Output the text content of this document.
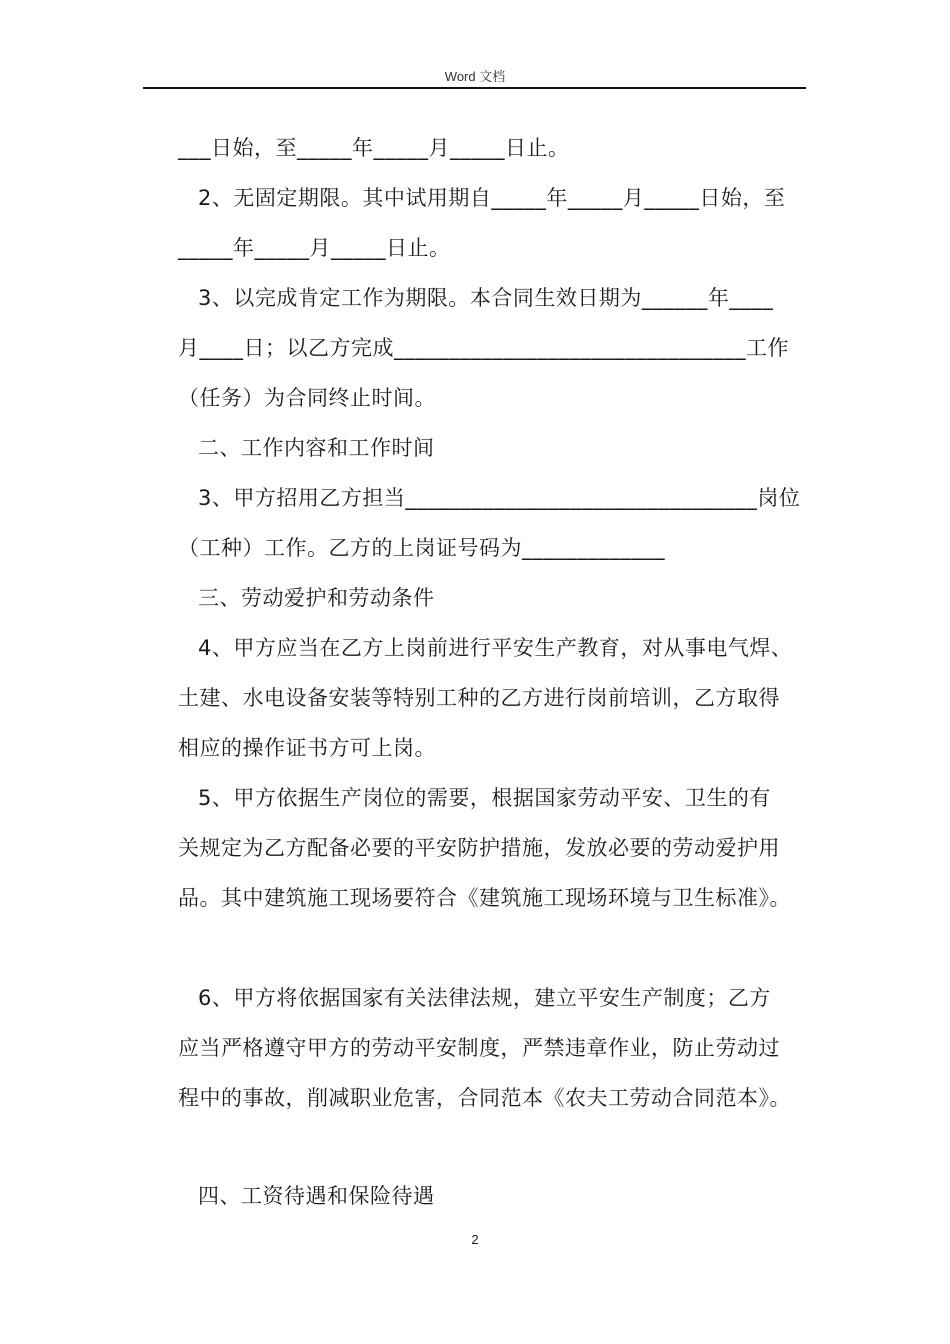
Word 文档
___日始，至_____年_____月_____日止。
2、无固定期限。其中试用期自_____年_____月_____日始，至
_____年_____月_____日止。
3、以完成肯定工作为期限。本合同生效日期为______年____
月____日；以乙方完成________________________________工作
（任务）为合同终止时间。
二、工作内容和工作时间
3、甲方招用乙方担当________________________________岗位
（工种）工作。乙方的上岗证号码为_____________
三、劳动爱护和劳动条件
4、甲方应当在乙方上岗前进行平安生产教育，对从事电气焊、
土建、水电设备安装等特别工种的乙方进行岗前培训，乙方取得
相应的操作证书方可上岗。
5、甲方依据生产岗位的需要，根据国家劳动平安、卫生的有
关规定为乙方配备必要的平安防护措施，发放必要的劳动爱护用
品。其中建筑施工现场要符合《建筑施工现场环境与卫生标准》。
6、甲方将依据国家有关法律法规，建立平安生产制度；乙方
应当严格遵守甲方的劳动平安制度，严禁违章作业，防止劳动过
程中的事故，削减职业危害，合同范本《农夫工劳动合同范本》。
四、工资待遇和保险待遇
2
